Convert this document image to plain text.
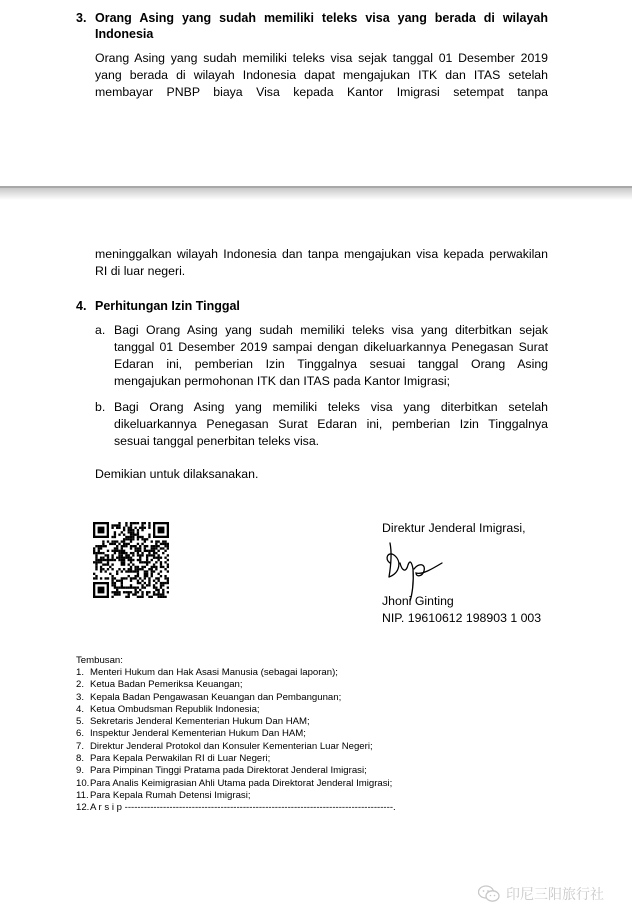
3. Orang Asing yang sudah memiliki teleks visa yang berada di wilayah
Indonesia
Orang Asing yang sudah memiliki teleks visa sejak tanggal 01 Desember 2019
yang berada di wilayah Indonesia dapat mengajukan ITK dan ITAS setelah
membayar PNBP biaya Visa kepada Kantor Imigrasi setempat tanpa
meninggalkan wilayah Indonesia dan tanpa mengajukan visa kepada perwakilan
RI di luar negeri.
4. Perhitungan Izin Tinggal
a. Bagi Orang Asing yang sudah memiliki teleks visa yang diterbitkan sejak
tanggal 01 Desember 2019 sampai dengan dikeluarkannya Penegasan Surat
Edaran ini, pemberian Izin Tinggalnya sesuai tanggal Orang Asing
mengajukan permohonan ITK dan ITAS pada Kantor Imigrasi;
b. Bagi Orang Asing yang memiliki teleks visa yang diterbitkan setelah
dikeluarkannya Penegasan Surat Edaran ini, pemberian Izin Tinggalnya
sesuai tanggal penerbitan teleks visa.
Demikian untuk dilaksanakan.
Direktur Jenderal Imigrasi,
Jhoni Ginting
NIP. 19610612 198903 1 003
Tembusan:
1. Menteri Hukum dan Hak Asasi Manusia (sebagai laporan);
2. Ketua Badan Pemeriksa Keuangan;
3. Kepala Badan Pengawasan Keuangan dan Pembangunan;
4. Ketua Ombudsman Republik Indonesia;
5. Sekretaris Jenderal Kementerian Hukum Dan HAM;
6. Inspektur Jenderal Kementerian Hukum Dan HAM;
7. Direktur Jenderal Protokol dan Konsuler Kementerian Luar Negeri;
8. Para Kepala Perwakilan RI di Luar Negeri;
9. Para Pimpinan Tinggi Pratama pada Direktorat Jenderal Imigrasi;
10. Para Analis Keimigrasian Ahli Utama pada Direktorat Jenderal Imigrasi;
11. Para Kepala Rumah Detensi Imigrasi;
12. A r s i p ------------------------------------------------------------------------------------.
印尼三阳旅行社
